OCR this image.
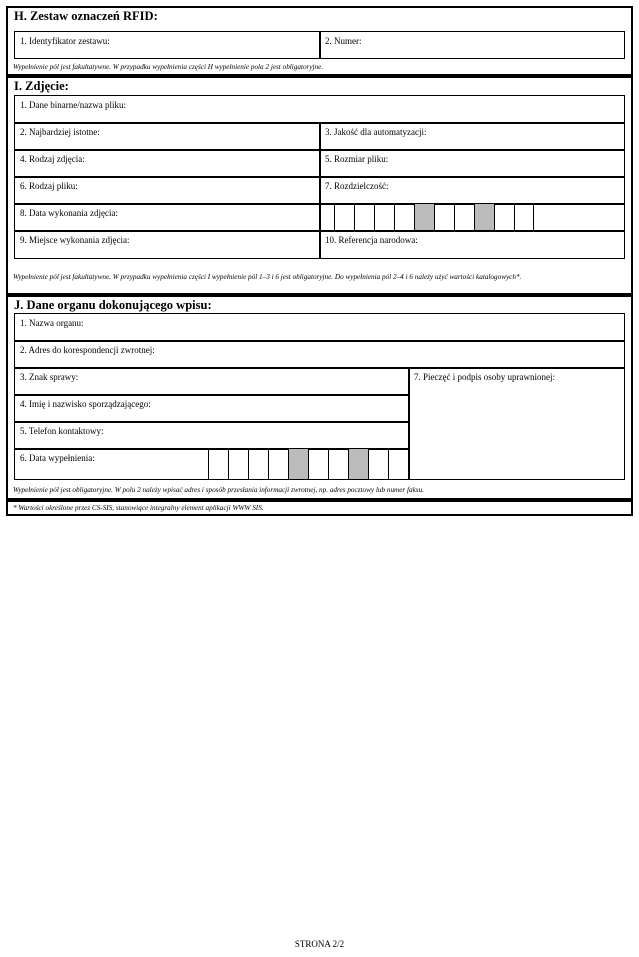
H. Zestaw oznaczeń RFID:
1. Identyfikator zestawu:	2. Numer:
Wypełnienie pól jest fakultatywne. W przypadku wypełnienia części H wypełnienie pola 2 jest obligatoryjne.
I. Zdjęcie:
1. Dane binarne/nazwa pliku:
2. Najbardziej istotne:	3. Jakość dla automatyzacji:
4. Rodzaj zdjęcia:	5. Rozmiar pliku:
6. Rodzaj pliku:	7. Rozdzielczość:
8. Data wykonania zdjęcia:
9. Miejsce wykonania zdjęcia:	10. Referencja narodowa:
Wypełnienie pól jest fakultatywne. W przypadku wypełnienia części I wypełnienie pól 1–3 i 6 jest obligatoryjne. Do wypełnienia pól 2–4 i 6 należy użyć wartości katalogowych*.
J. Dane organu dokonującego wpisu:
1. Nazwa organu:
2. Adres do korespondencji zwrotnej:
3. Znak sprawy:	7. Pieczęć i podpis osoby uprawnionej:
4. Imię i nazwisko sporządzającego:
5. Telefon kontaktowy:
6. Data wypełnienia:
Wypełnienie pól jest obligatoryjne. W polu 2 należy wpisać adres i sposób przesłania informacji zwrotnej, np. adres pocztowy lub numer faksu.
* Wartości określone przez CS-SIS, stanowiące integralny element aplikacji WWW SIS.
STRONA 2/2
